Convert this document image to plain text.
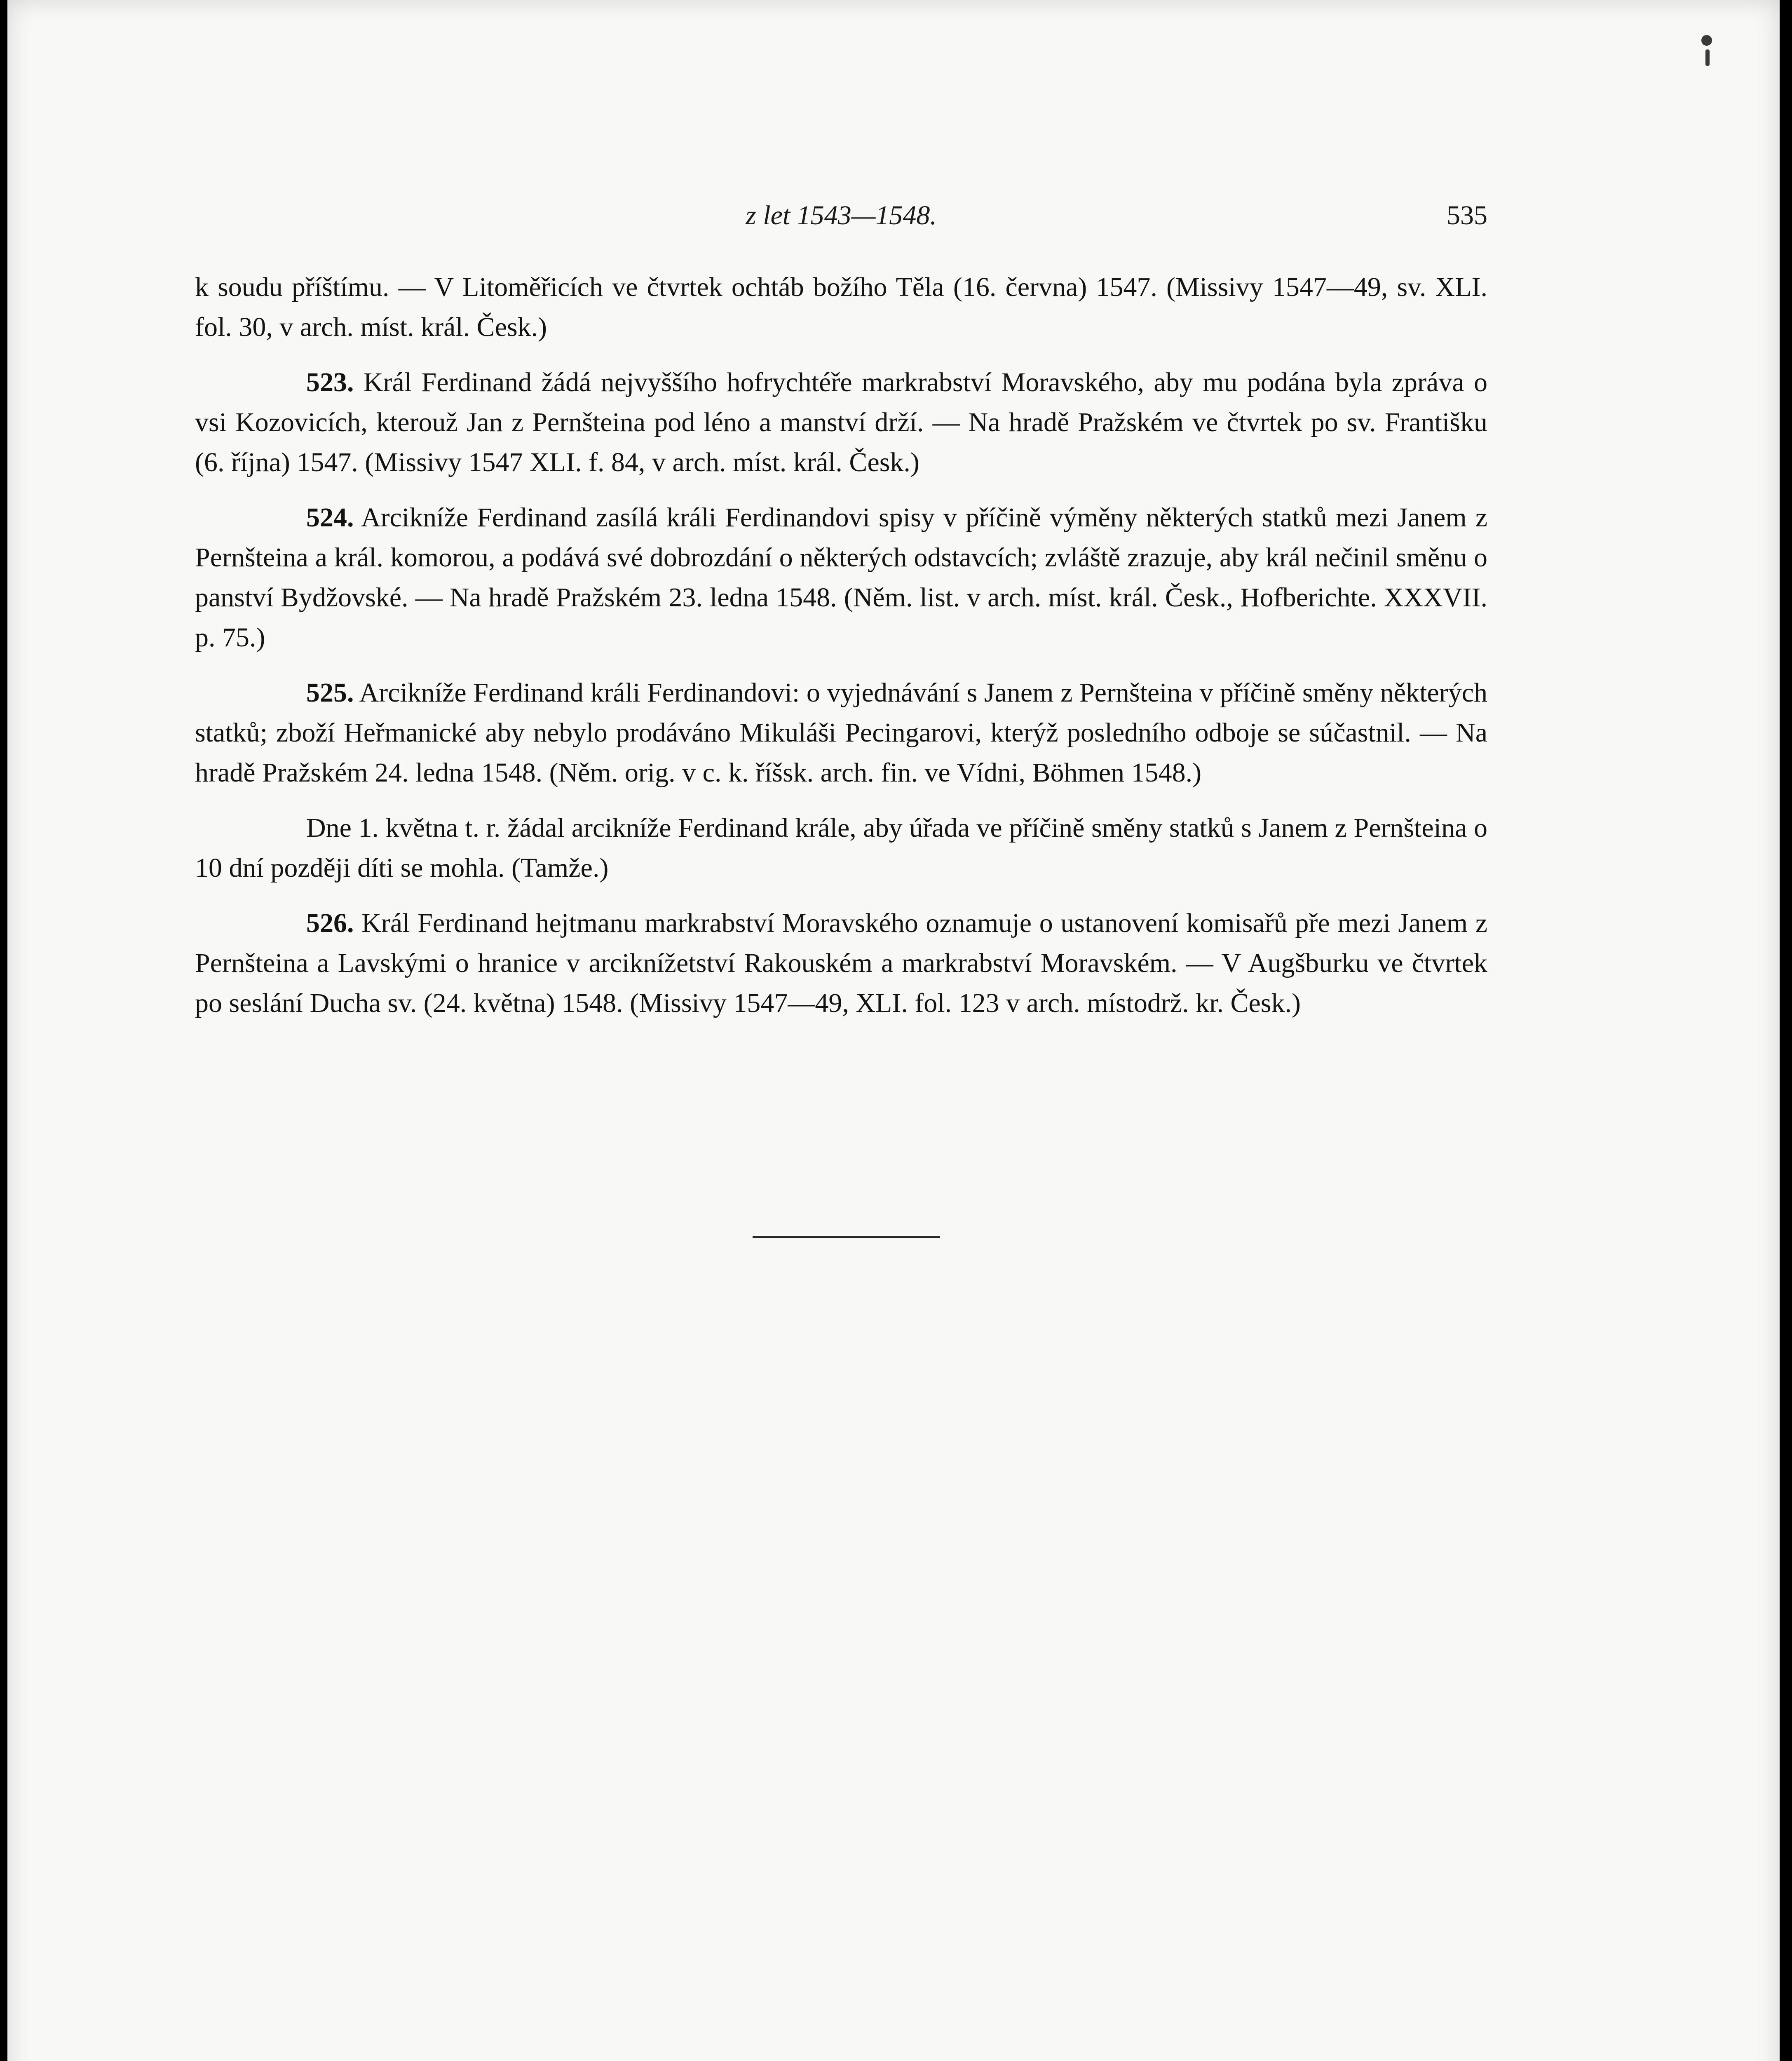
z let 1543—1548.	535

k soudu příštímu. — V Litoměřicích ve čtvrtek ochtáb božího Těla (16. června) 1547. (Missivy 1547—49, sv. XLI. fol. 30, v arch. míst. král. Česk.)

523. Král Ferdinand žádá nejvyššího hofrychtéře markrabství Moravského, aby mu podána byla zpráva o vsi Kozovicích, kterouž Jan z Pernšteina pod léno a manství drží. — Na hradě Pražském ve čtvrtek po sv. Františku (6. října) 1547. (Missivy 1547 XLI. f. 84, v arch. míst. král. Česk.)

524. Arcikníže Ferdinand zasílá králi Ferdinandovi spisy v příčině výměny některých statků mezi Janem z Pernšteina a král. komorou, a podává své dobrozdání o některých odstavcích; zvláště zrazuje, aby král nečinil směnu o panství Bydžovské. — Na hradě Pražském 23. ledna 1548. (Něm. list. v arch. míst. král. Česk., Hofberichte. XXXVII. p. 75.)

525. Arcikníže Ferdinand králi Ferdinandovi: o vyjednávání s Janem z Pernšteina v příčině směny některých statků; zboží Heřmanické aby nebylo prodáváno Mikuláši Pecingarovi, kterýž posledního odboje se súčastnil. — Na hradě Pražském 24. ledna 1548. (Něm. orig. v c. k. říšsk. arch. fin. ve Vídni, Böhmen 1548.)

Dne 1. května t. r. žádal arcikníže Ferdinand krále, aby úřada ve příčině směny statků s Janem z Pernšteina o 10 dní později díti se mohla. (Tamže.)

526. Král Ferdinand hejtmanu markrabství Moravského oznamuje o ustanovení komisařů pře mezi Janem z Pernšteina a Lavskými o hranice v arciknížetství Rakouském a markrabství Moravském. — V Augšburku ve čtvrtek po seslání Ducha sv. (24. května) 1548. (Missivy 1547—49, XLI. fol. 123 v arch. místodrž. kr. Česk.)
